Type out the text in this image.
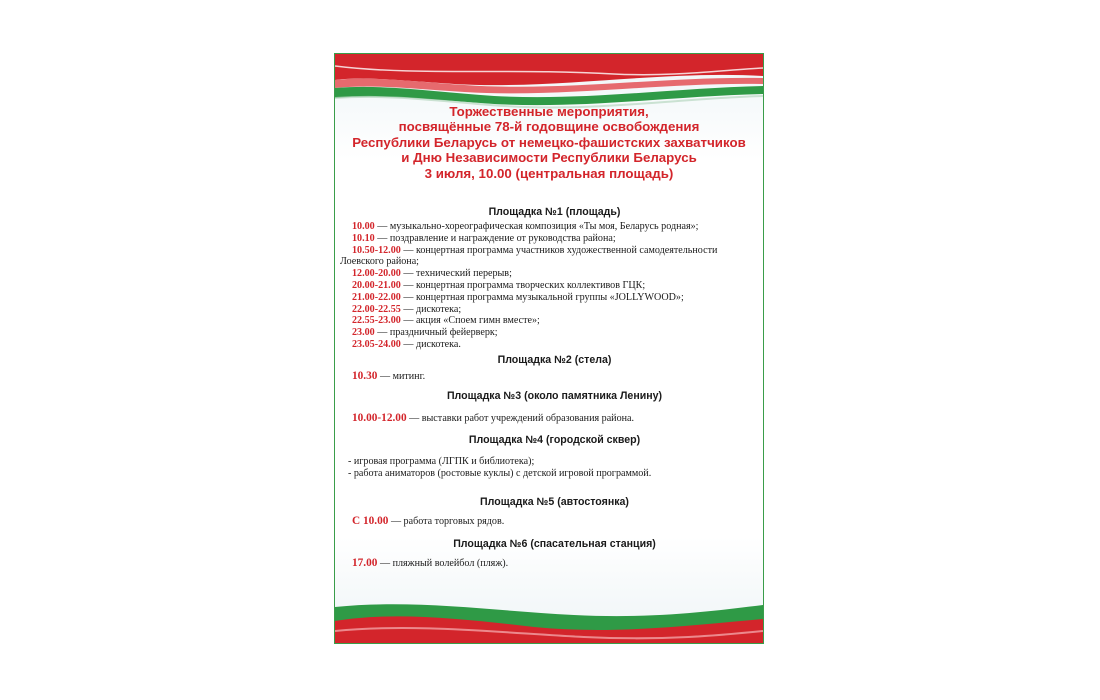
Торжественные мероприятия,
посвящённые 78-й годовщине освобождения
Республики Беларусь от немецко-фашистских захватчиков
и Дню Независимости Республики Беларусь
3 июля, 10.00 (центральная площадь)
Площадка №1 (площадь)
10.00 — музыкально-хореографическая композиция «Ты моя, Беларусь родная»;
10.10 — поздравление и награждение от руководства района;
10.50-12.00 — концертная программа участников художественной самодеятельности Лоевского района;
12.00-20.00 — технический перерыв;
20.00-21.00 — концертная программа творческих коллективов ГЦК;
21.00-22.00 — концертная программа музыкальной группы «JOLLYWOOD»;
22.00-22.55 — дискотека;
22.55-23.00 — акция «Споем гимн вместе»;
23.00 — праздничный фейерверк;
23.05-24.00 — дискотека.
Площадка №2 (стела)
10.30 — митинг.
Площадка №3 (около памятника Ленину)
10.00-12.00 — выставки работ учреждений образования района.
Площадка №4 (городской сквер)
- игровая программа (ЛГПК и библиотека);
- работа аниматоров (ростовые куклы) с детской игровой программой.
Площадка №5 (автостоянка)
С 10.00 — работа торговых рядов.
Площадка №6 (спасательная станция)
17.00 — пляжный волейбол (пляж).
